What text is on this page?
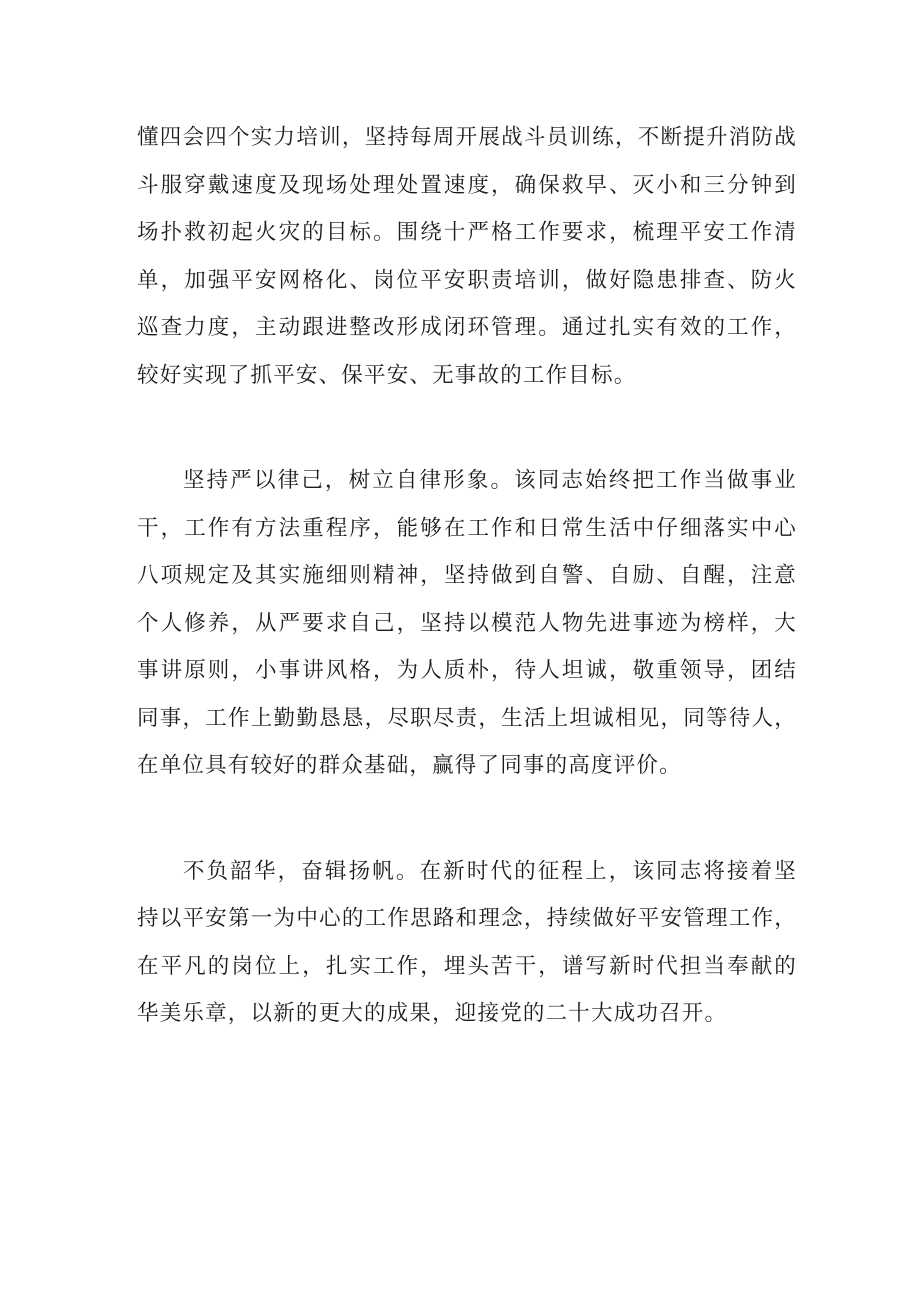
懂四会四个实力培训，坚持每周开展战斗员训练，不断提升消防战
斗服穿戴速度及现场处理处置速度，确保救早、灭小和三分钟到
场扑救初起火灾的目标。围绕十严格工作要求，梳理平安工作清
单，加强平安网格化、岗位平安职责培训，做好隐患排查、防火
巡查力度，主动跟进整改形成闭环管理。通过扎实有效的工作，
较好实现了抓平安、保平安、无事故的工作目标。
坚持严以律己，树立自律形象。该同志始终把工作当做事业
干，工作有方法重程序，能够在工作和日常生活中仔细落实中心
八项规定及其实施细则精神，坚持做到自警、自励、自醒，注意
个人修养，从严要求自己，坚持以模范人物先进事迹为榜样，大
事讲原则，小事讲风格，为人质朴，待人坦诚，敬重领导，团结
同事，工作上勤勤恳恳，尽职尽责，生活上坦诚相见，同等待人，
在单位具有较好的群众基础，赢得了同事的高度评价。
不负韶华，奋辑扬帆。在新时代的征程上，该同志将接着坚
持以平安第一为中心的工作思路和理念，持续做好平安管理工作，
在平凡的岗位上，扎实工作，埋头苦干，谱写新时代担当奉献的
华美乐章，以新的更大的成果，迎接党的二十大成功召开。
